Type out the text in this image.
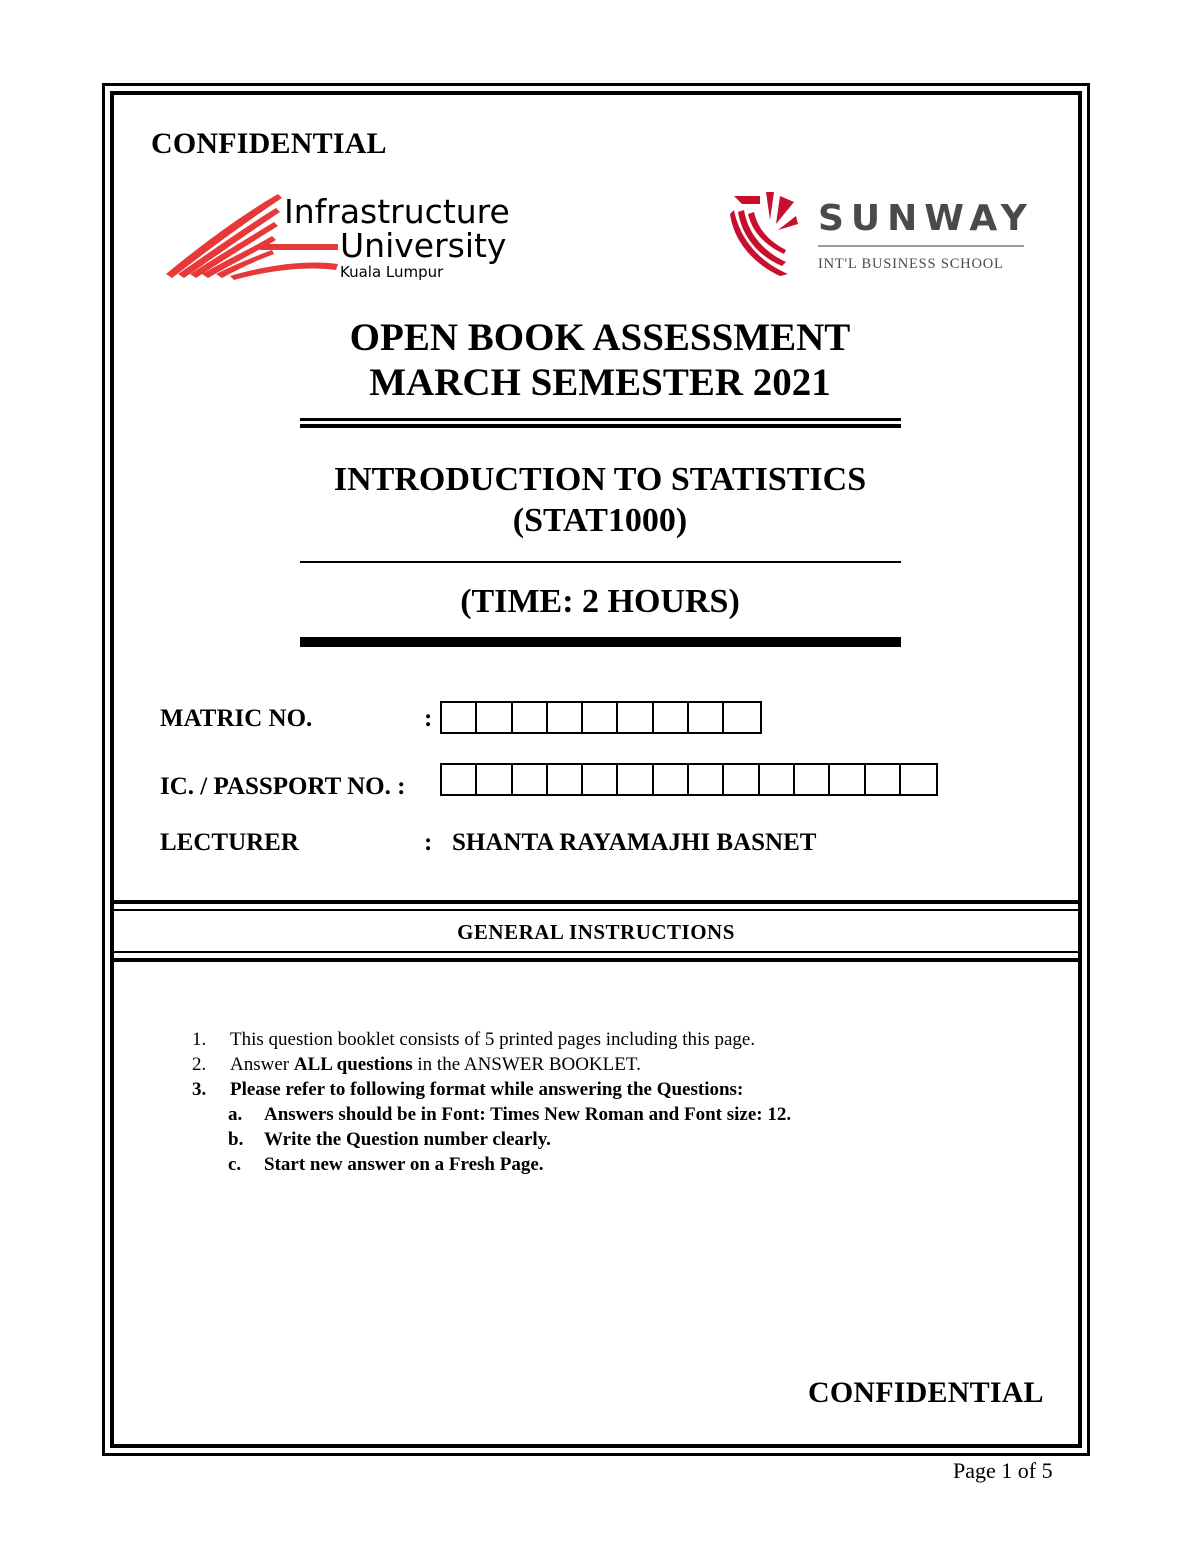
CONFIDENTIAL
Infrastructure
University
Kuala Lumpur
SUNWAY
INT'L BUSINESS SCHOOL
OPEN BOOK ASSESSMENT
MARCH SEMESTER 2021
INTRODUCTION TO STATISTICS
(STAT1000)
(TIME: 2 HOURS)
MATRIC NO.	:
IC. / PASSPORT NO. :
LECTURER	: SHANTA RAYAMAJHI BASNET
GENERAL INSTRUCTIONS
1.	This question booklet consists of 5 printed pages including this page.
2.	Answer ALL questions in the ANSWER BOOKLET.
3.	Please refer to following format while answering the Questions:
a.	Answers should be in Font: Times New Roman and Font size: 12.
b.	Write the Question number clearly.
c.	Start new answer on a Fresh Page.
CONFIDENTIAL
Page 1 of 5
